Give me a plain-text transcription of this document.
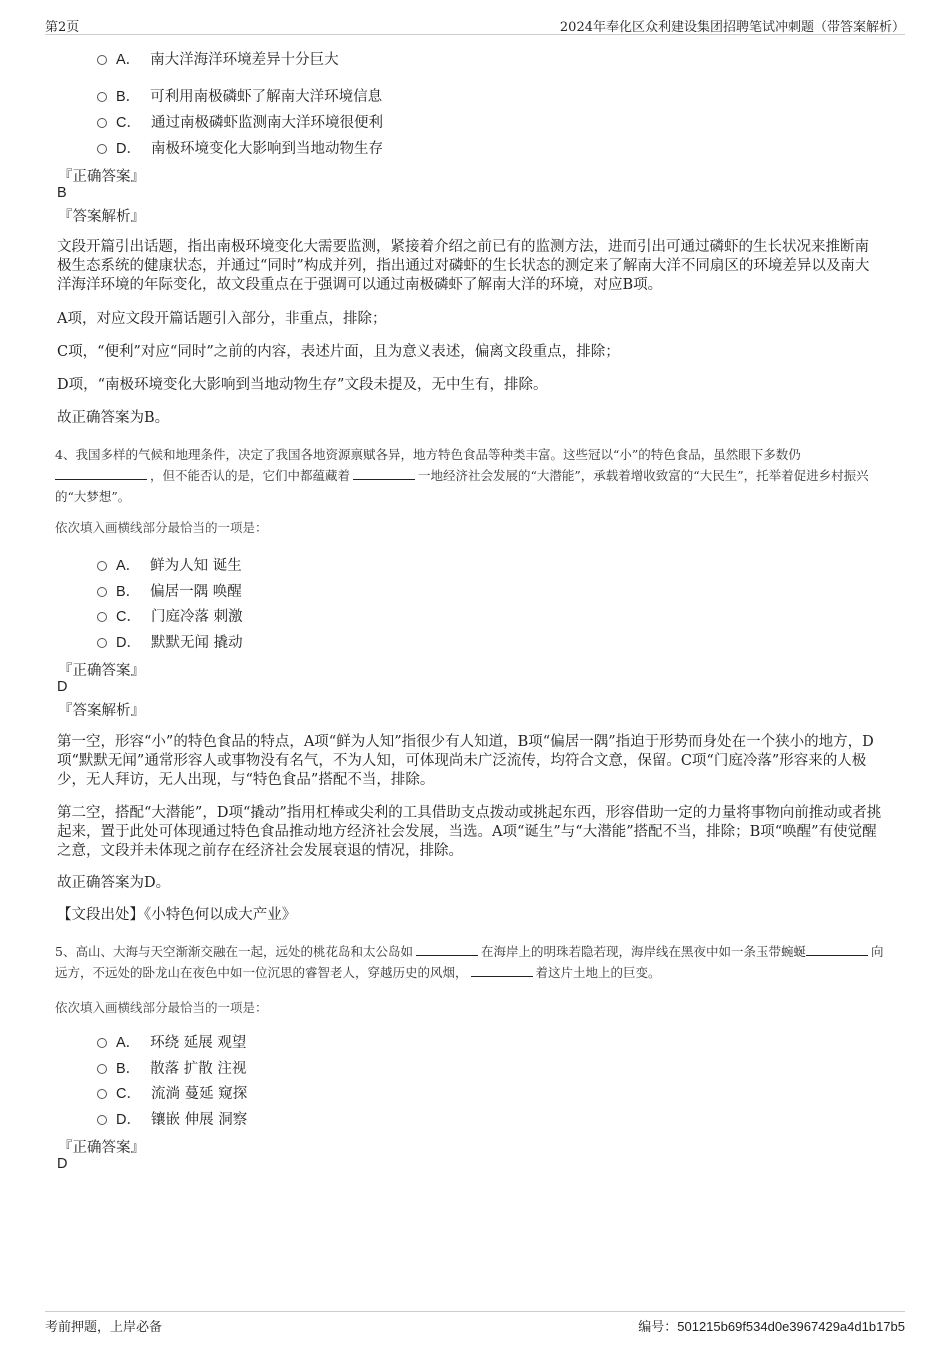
第2页	2024年奉化区众利建设集团招聘笔试冲刺题（带答案解析）
A． 南大洋海洋环境差异十分巨大
B． 可利用南极磷虾了解南大洋环境信息
C． 通过南极磷虾监测南大洋环境很便利
D． 南极环境变化大影响到当地动物生存
『正确答案』
B
『答案解析』
文段开篇引出话题，指出南极环境变化大需要监测，紧接着介绍之前已有的监测方法，进而引出可通过磷虾的生长状况来推断南极生态系统的健康状态，并通过“同时”构成并列，指出通过对磷虾的生长状态的测定来了解南大洋不同扇区的环境差异以及南大洋海洋环境的年际变化，故文段重点在于强调可以通过南极磷虾了解南大洋的环境，对应B项。
A项，对应文段开篇话题引入部分，非重点，排除；
C项，“便利”对应“同时”之前的内容，表述片面，且为意义表述，偏离文段重点，排除；
D项，“南极环境变化大影响到当地动物生存”文段未提及，无中生有，排除。
故正确答案为B。
4、我国多样的气候和地理条件，决定了我国各地资源禀赋各异，地方特色食品等种类丰富。这些冠以“小”的特色食品，虽然眼下多数仍，但不能否认的是，它们中都蕴藏着	一地经济社会发展的“大潜能”，承载着增收致富的“大民生”，托举着促进乡村振兴的“大梦想”。
依次填入画横线部分最恰当的一项是：
A． 鲜为人知 诞生
B． 偏居一隅 唤醒
C． 门庭冷落 刺激
D． 默默无闻 撬动
『正确答案』
D
『答案解析』
第一空，形容“小”的特色食品的特点，A项“鲜为人知”指很少有人知道，B项“偏居一隅”指迫于形势而身处在一个狭小的地方，D项“默默无闻”通常形容人或事物没有名气，不为人知，可体现尚未广泛流传，均符合文意，保留。C项“门庭冷落”形容来的人极少，无人拜访，无人出现，与“特色食品”搭配不当，排除。
第二空，搭配“大潜能”，D项“撬动”指用杠棒或尖利的工具借助支点拨动或挑起东西，形容借助一定的力量将事物向前推动或者挑起来，置于此处可体现通过特色食品推动地方经济社会发展，当选。A项“诞生”与“大潜能”搭配不当，排除；B项“唤醒”有使觉醒之意，文段并未体现之前存在经济社会发展衰退的情况，排除。
故正确答案为D。
【文段出处】《小特色何以成大产业》
5、高山、大海与天空渐渐交融在一起，远处的桃花岛和太公岛如	在海岸上的明珠若隐若现，海岸线在黑夜中如一条玉带蜿蜒	向远方，不远处的卧龙山在夜色中如一位沉思的睿智老人，穿越历史的风烟，	着这片土地上的巨变。
依次填入画横线部分最恰当的一项是：
A． 环绕 延展 观望
B． 散落 扩散 注视
C． 流淌 蔓延 窥探
D． 镶嵌 伸展 洞察
『正确答案』
D
考前押题，上岸必备	编号：501215b69f534d0e3967429a4d1b17b5
